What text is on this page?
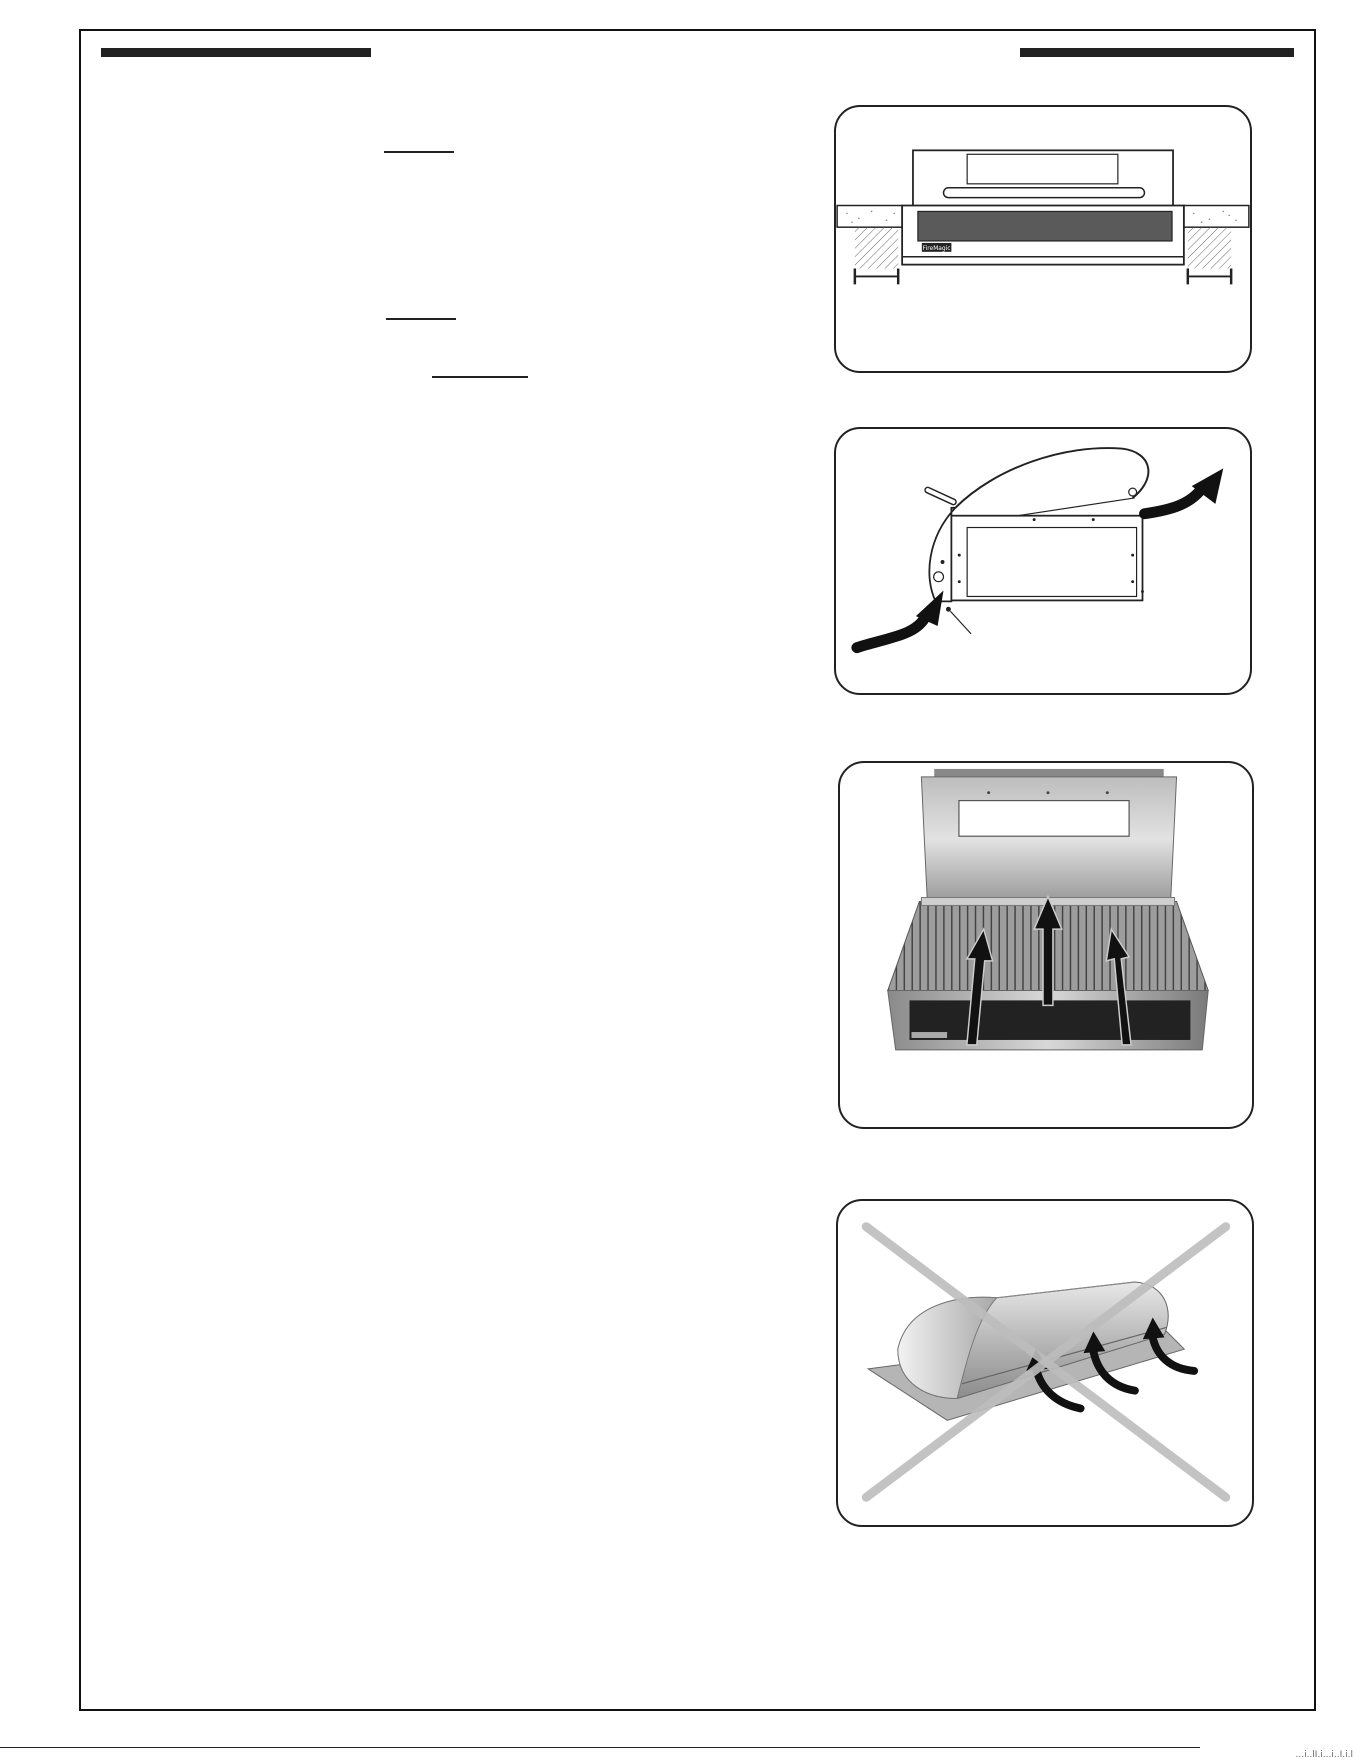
FireMagic
...i..lI.i...i..I.i.l
